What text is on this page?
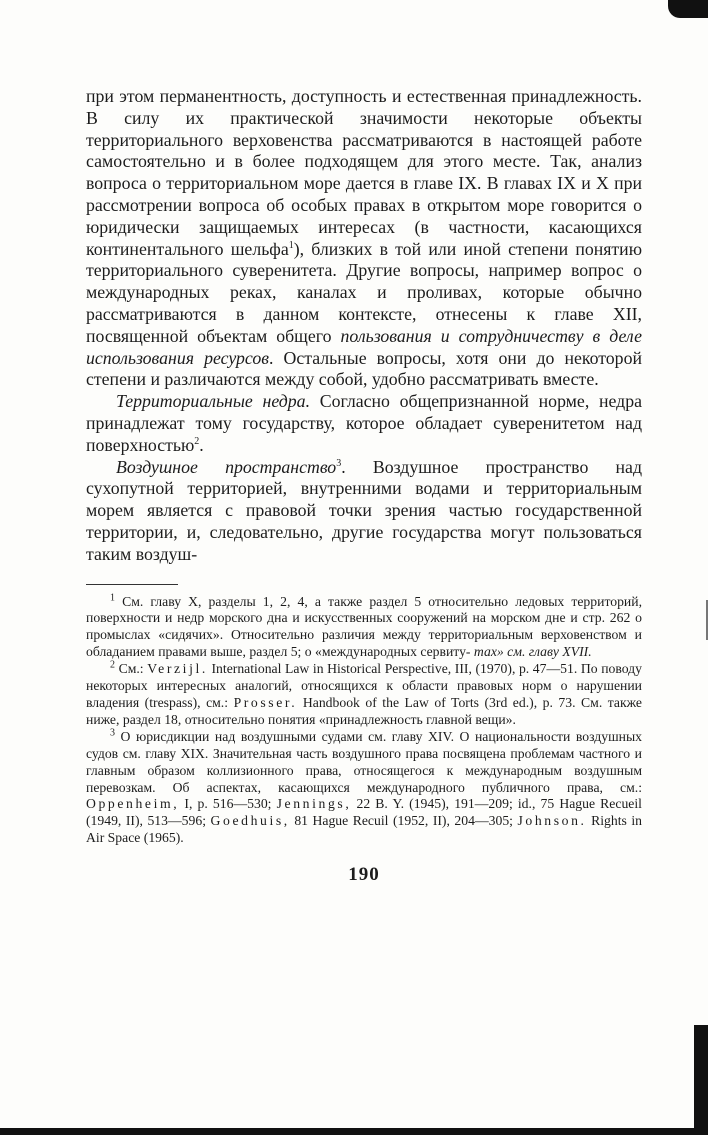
при этом перманентность, доступность и естественная принадлежность. В силу их практической значимости некоторые объекты территориального верховенства рассматриваются в настоящей работе самостоятельно и в более подходящем для этого месте. Так, анализ вопроса о территориальном море дается в главе IX. В главах IX и X при рассмотрении вопроса об особых правах в открытом море говорится о юридически защищаемых интересах (в частности, касающихся континентального шельфа$^1$), близких в той или иной степени понятию территориального суверенитета. Другие вопросы, например вопрос о международных реках, каналах и проливах, которые обычно рассматриваются в данном контексте, отнесены к главе XII, посвященной объектам общего пользования и сотрудничеству в деле использования ресурсов. Остальные вопросы, хотя они до некоторой степени и различаются между собой, удобно рассматривать вместе.

Территориальные недра. Согласно общепризнанной норме, недра принадлежат тому государству, которое обладает суверенитетом над поверхностью$^2$.

Воздушное пространство$^3$. Воздушное пространство над сухопутной территорией, внутренними водами и территориальным морем является с правовой точки зрения частью государственной территории, и, следовательно, другие государства могут пользоваться таким воздуш-

$^1$ См. главу X, разделы 1, 2, 4, а также раздел 5 относительно ледовых территорий, поверхности и недр морского дна и искусственных сооружений на морском дне и стр. 262 о промыслах «сидячих». Относительно различия между территориальным верховенством и обладанием правами выше, раздел 5; о «международных сервиту- тах» см. главу XVII.

$^2$ См.: Verzijl. International Law in Historical Perspective, III, (1970), p. 47—51. По поводу некоторых интересных аналогий, относящихся к области правовых норм о нарушении владения (trespass), см.: Prosser. Handbook of the Law of Torts (3rd ed.), p. 73. См. также ниже, раздел 18, относительно понятия «принадлежность главной вещи».

$^3$ О юрисдикции над воздушными судами см. главу XIV. О национальности воздушных судов см. главу XIX. Значительная часть воздушного права посвящена проблемам частного и главным образом коллизионного права, относящегося к международным воздушным перевозкам. Об аспектах, касающихся международного публичного права, см.: Oppenheim, I, p. 516—530; Jennings, 22 B. Y. (1945), 191—209; id., 75 Hague Recueil (1949, II), 513—596; Goedhuis, 81 Hague Recuil (1952, II), 204—305; Johnson. Rights in Air Space (1965).

190
